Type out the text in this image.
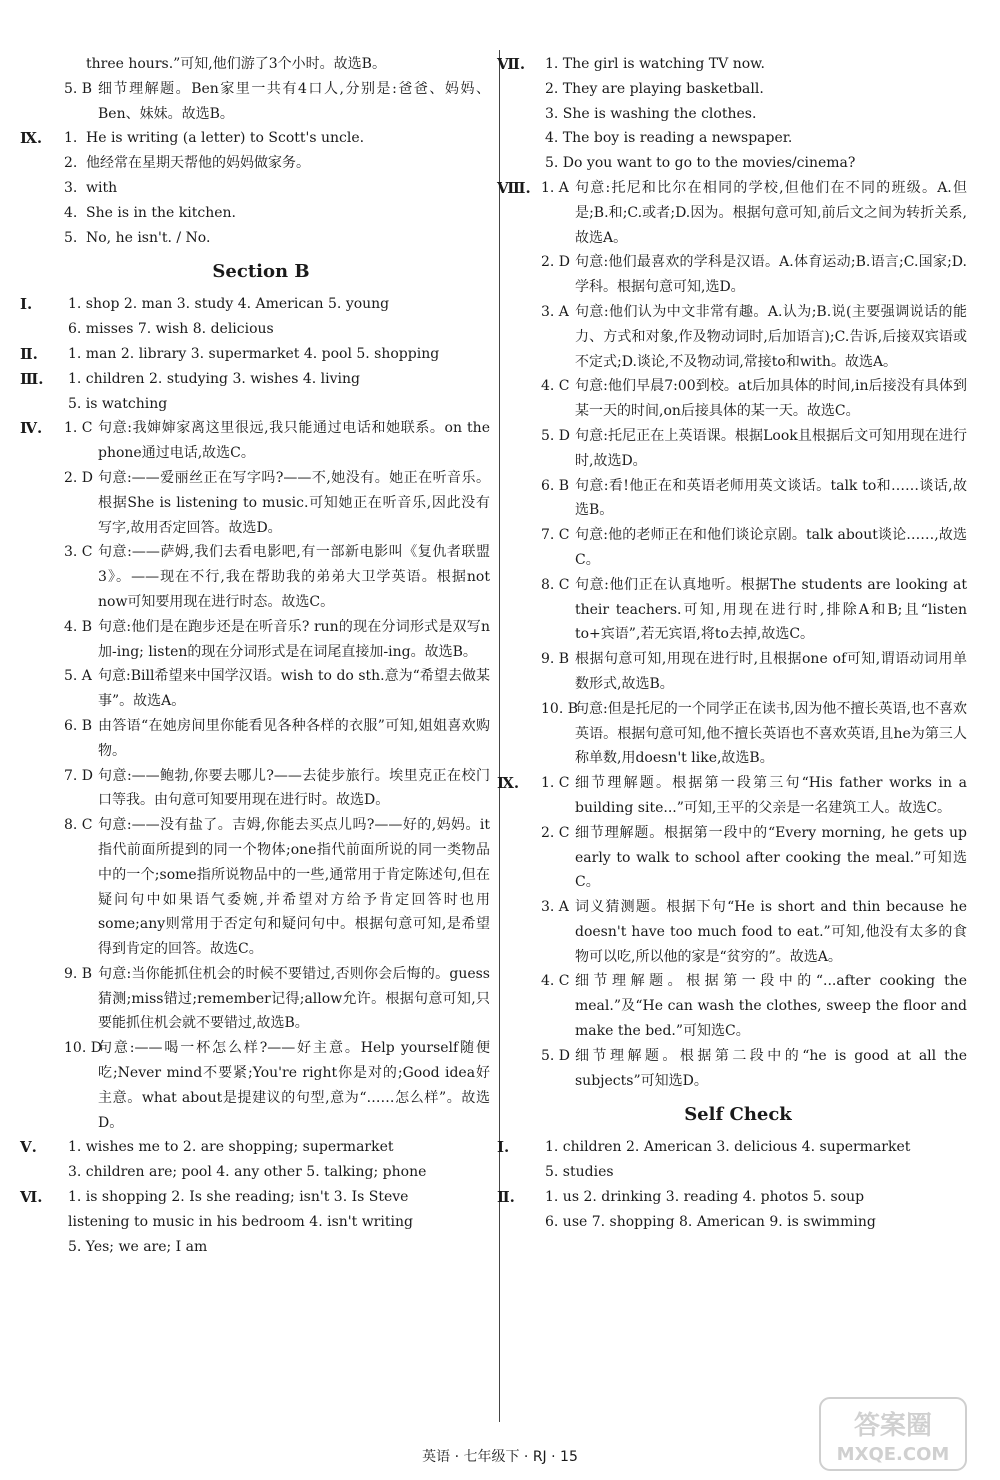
three hours.”可知,他们游了3个小时。故选B。
5. B 细节理解题。Ben家里一共有4口人,分别是:爸爸、妈妈、Ben、妹妹。故选B。
Ⅸ. 1. He is writing (a letter) to Scott's uncle.
2. 他经常在星期天帮他的妈妈做家务。
3. with
4. She is in the kitchen.
5. No, he isn't. / No.
Section B
Ⅰ.	1. shop 2. man 3. study 4. American 5. young
6. misses 7. wish 8. delicious
Ⅱ. 1. man 2. library 3. supermarket 4. pool 5. shopping
Ⅲ. 1. children 2. studying 3. wishes 4. living
5. is watching
Ⅳ. 1. C 句意:我婶婶家离这里很远,我只能通过电话和她联系。on the phone通过电话,故选C。
2. D 句意:——爱丽丝正在写字吗?——不,她没有。她正在听音乐。根据She is listening to music.可知她正在听音乐,因此没有写字,故用否定回答。故选D。
3. C 句意:——萨姆,我们去看电影吧,有一部新电影叫《复仇者联盟3》。——现在不行,我在帮助我的弟弟大卫学英语。根据not now可知要用现在进行时态。故选C。
4. B 句意:他们是在跑步还是在听音乐? run的现在分词形式是双写n加-ing; listen的现在分词形式是在词尾直接加-ing。故选B。
5. A 句意:Bill希望来中国学汉语。wish to do sth.意为“希望去做某事”。故选A。
6. B 由答语“在她房间里你能看见各种各样的衣服”可知,姐姐喜欢购物。
7. D 句意:——鲍勃,你要去哪儿?——去徒步旅行。埃里克正在校门口等我。由句意可知要用现在进行时。故选D。
8. C 句意:——没有盐了。吉姆,你能去买点儿吗?——好的,妈妈。it指代前面所提到的同一个物体;one指代前面所说的同一类物品中的一个;some指所说物品中的一些,通常用于肯定陈述句,但在疑问句中如果语气委婉,并希望对方给予肯定回答时也用some;any则常用于否定句和疑问句中。根据句意可知,是希望得到肯定的回答。故选C。
9. B 句意:当你能抓住机会的时候不要错过,否则你会后悔的。guess猜测;miss错过;remember记得;allow允许。根据句意可知,只要能抓住机会就不要错过,故选B。
10. D
句意:——喝一杯怎么样?——好主意。Help yourself随便吃;Never mind不要紧;You're right你是对的;Good idea好主意。what about是提建议的句型,意为“……怎么样”。故选D。
Ⅴ. 1. wishes me to 2. are shopping; supermarket
3. children are; pool 4. any other 5. talking; phone
Ⅵ. 1. is shopping 2. Is she reading; isn't 3. Is Steve
listening to music in his bedroom 4. isn't writing
5. Yes; we are; I am
Ⅶ. 1. The girl is watching TV now.
2. They are playing basketball.
3. She is washing the clothes.
4. The boy is reading a newspaper.
5. Do you want to go to the movies/cinema?
Ⅷ. 1. A 句意:托尼和比尔在相同的学校,但他们在不同的班级。A.但是;B.和;C.或者;D.因为。根据句意可知,前后文之间为转折关系,故选A。
2. D 句意:他们最喜欢的学科是汉语。A.体育运动;B.语言;C.国家;D.学科。根据句意可知,选D。
3. A 句意:他们认为中文非常有趣。A.认为;B.说(主要强调说话的能力、方式和对象,作及物动词时,后加语言);C.告诉,后接双宾语或不定式;D.谈论,不及物动词,常接to和with。故选A。
4. C 句意:他们早晨7:00到校。at后加具体的时间,in后接没有具体到某一天的时间,on后接具体的某一天。故选C。
5. D 句意:托尼正在上英语课。根据Look且根据后文可知用现在进行时,故选D。
6. B 句意:看!他正在和英语老师用英文谈话。talk to和……谈话,故选B。
7. C 句意:他的老师正在和他们谈论京剧。talk about谈论……,故选C。
8. C 句意:他们正在认真地听。根据The students are looking at their teachers.可知,用现在进行时,排除A和B;且“listen to+宾语”,若无宾语,将to去掉,故选C。
9. B 根据句意可知,用现在进行时,且根据one of可知,谓语动词用单数形式,故选B。
10. B
句意:但是托尼的一个同学正在读书,因为他不擅长英语,也不喜欢英语。根据句意可知,他不擅长英语也不喜欢英语,且he为第三人称单数,用doesn't like,故选B。
Ⅸ. 1. C 细节理解题。根据第一段第三句“His father works in a building site...”可知,王平的父亲是一名建筑工人。故选C。
2. C 细节理解题。根据第一段中的“Every morning, he gets up early to walk to school after cooking the meal.”可知选C。
3. A 词义猜测题。根据下句“He is short and thin because he doesn't have too much food to eat.”可知,他没有太多的食物可以吃,所以他的家是“贫穷的”。故选A。
4. C 细节理解题。根据第一段中的“...after cooking the meal.”及“He can wash the clothes, sweep the floor and make the bed.”可知选C。
5. D 细节理解题。根据第二段中的“he is good at all the subjects”可知选D。
Self Check
Ⅰ.	1. children 2. American 3. delicious 4. supermarket
5. studies
Ⅱ. 1. us 2. drinking 3. reading 4. photos 5. soup
6. use 7. shopping 8. American 9. is swimming
英语 · 七年级下 · RJ · 15
答案圈
MXQE.COM
